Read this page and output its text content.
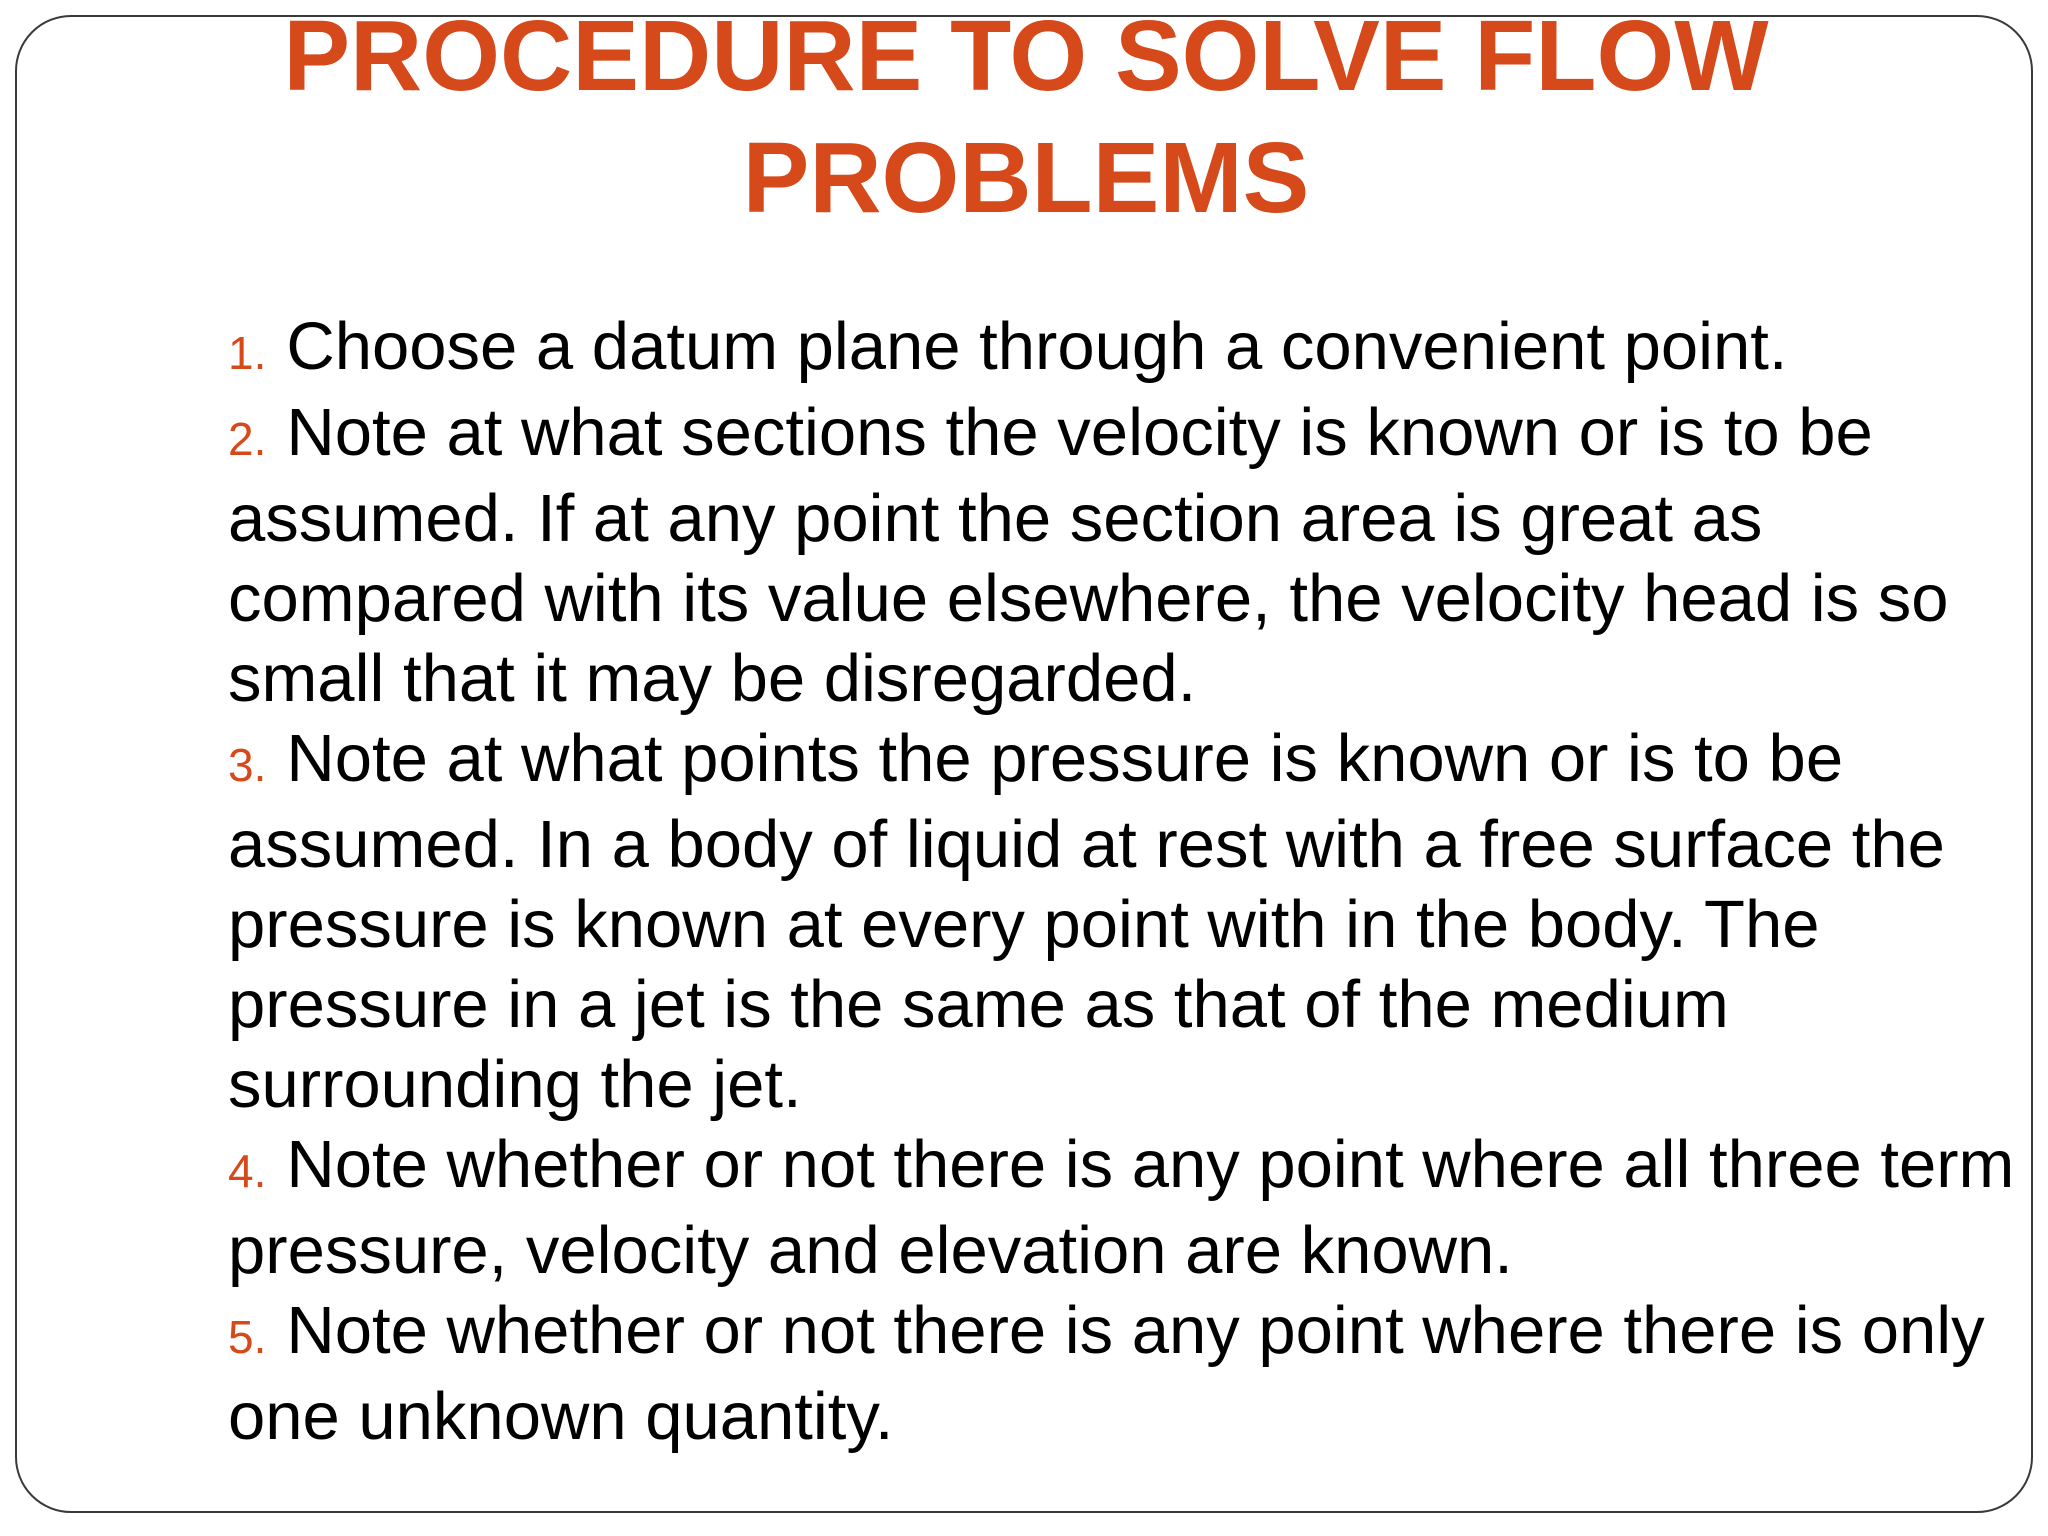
PROCEDURE TO SOLVE FLOW
PROBLEMS
1. Choose a datum plane through a convenient point.
2. Note at what sections the velocity is known or is to be assumed. If at any point the section area is great as compared with its value elsewhere, the velocity head is so small that it may be disregarded.
3. Note at what points the pressure is known or is to be assumed. In a body of liquid at rest with a free surface the pressure is known at every point with in the body. The pressure in a jet is the same as that of the medium surrounding the jet.
4. Note whether or not there is any point where all three term pressure, velocity and elevation are known.
5. Note whether or not there is any point where there is only one unknown quantity.
